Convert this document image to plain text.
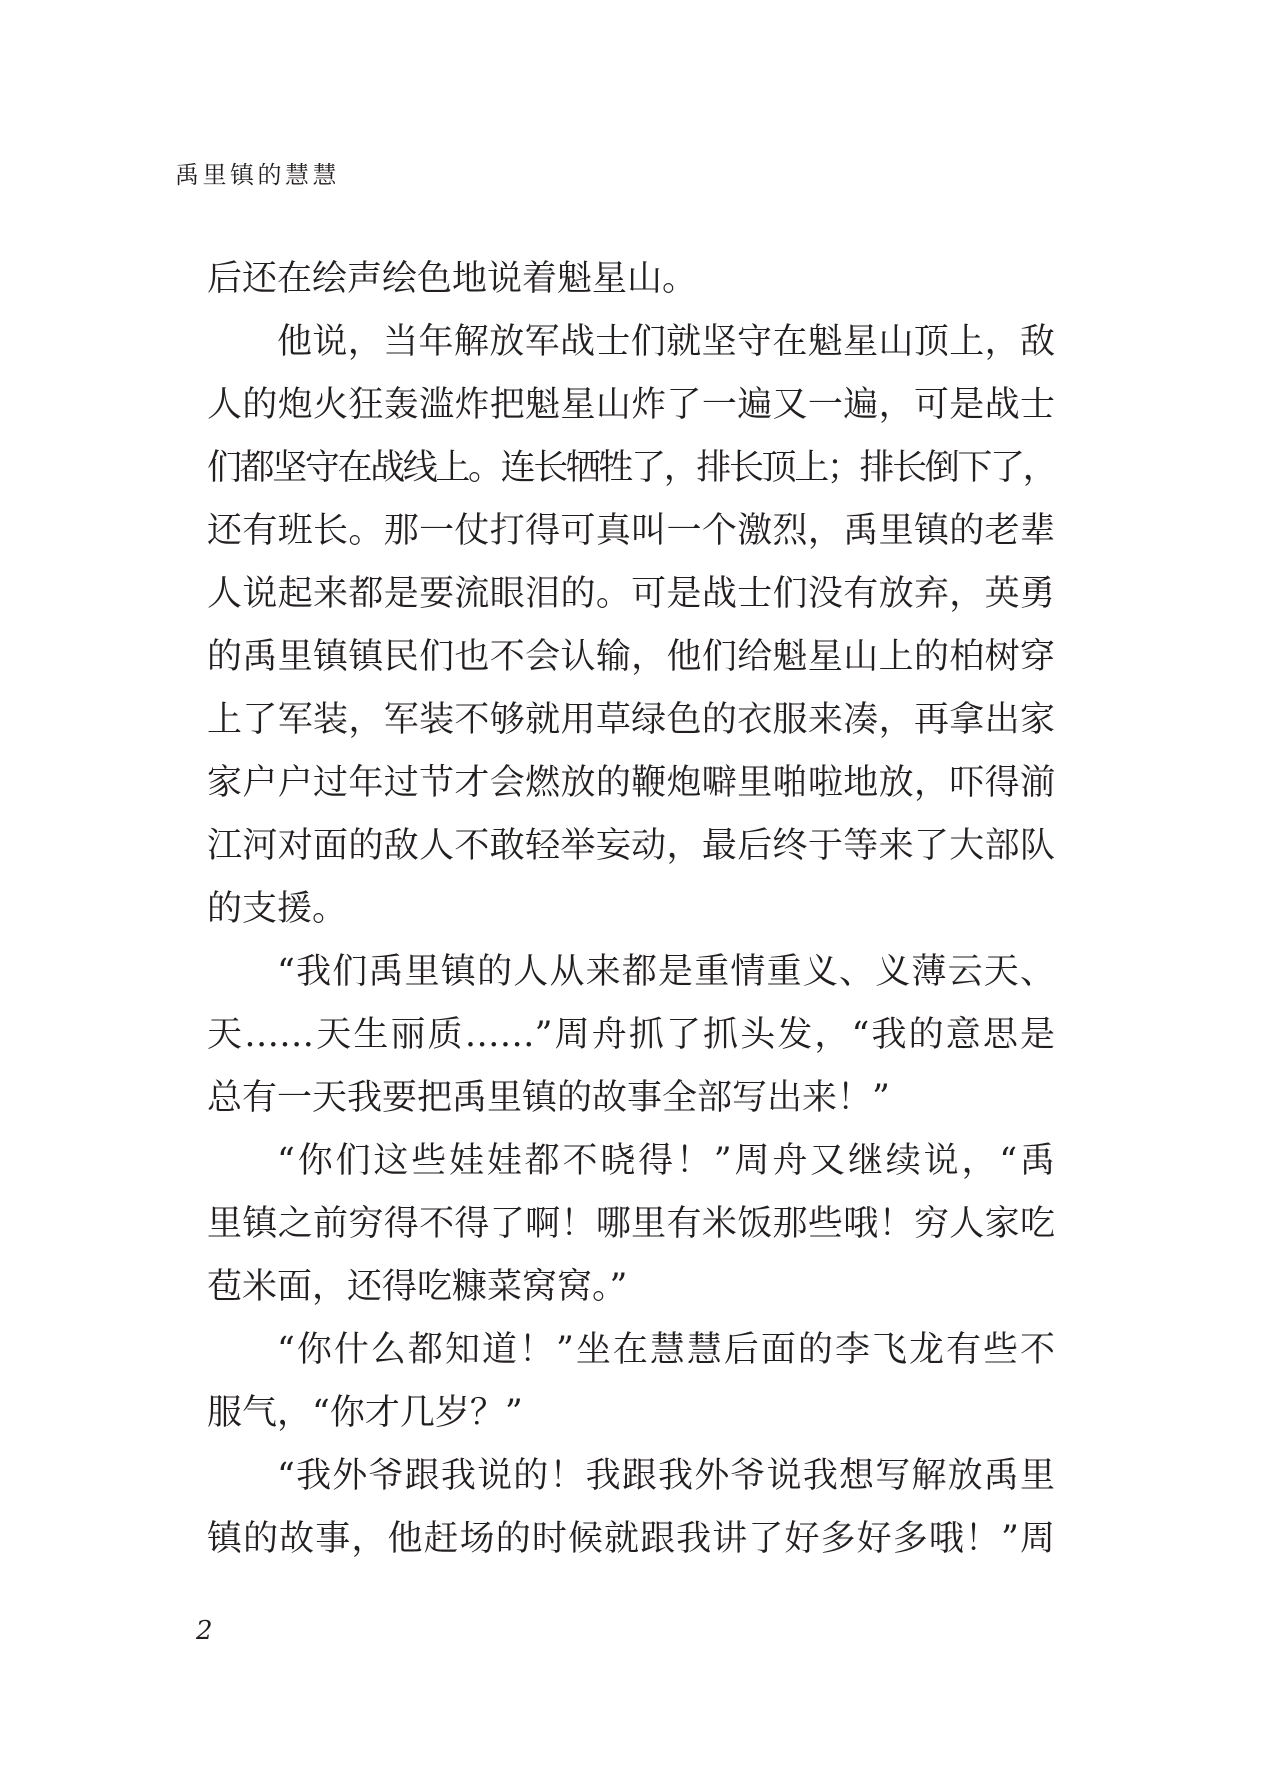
禹里镇的慧慧
后还在绘声绘色地说着魁星山。
他说，当年解放军战士们就坚守在魁星山顶上，敌
人的炮火狂轰滥炸把魁星山炸了一遍又一遍，可是战士
们都坚守在战线上。连长牺牲了，排长顶上；排长倒下了，
还有班长。那一仗打得可真叫一个激烈，禹里镇的老辈
人说起来都是要流眼泪的。可是战士们没有放弃，英勇
的禹里镇镇民们也不会认输，他们给魁星山上的柏树穿
上了军装，军装不够就用草绿色的衣服来凑，再拿出家
家户户过年过节才会燃放的鞭炮噼里啪啦地放，吓得湔
江河对面的敌人不敢轻举妄动，最后终于等来了大部队
的支援。
“我们禹里镇的人从来都是重情重义、义薄云天、
天……天生丽质……”周舟抓了抓头发，“我的意思是
总有一天我要把禹里镇的故事全部写出来！”
“你们这些娃娃都不晓得！”周舟又继续说，“禹
里镇之前穷得不得了啊！哪里有米饭那些哦！穷人家吃
苞米面，还得吃糠菜窝窝。”
“你什么都知道！”坐在慧慧后面的李飞龙有些不
服气，“你才几岁？”
“我外爷跟我说的！我跟我外爷说我想写解放禹里
镇的故事，他赶场的时候就跟我讲了好多好多哦！”周
2
